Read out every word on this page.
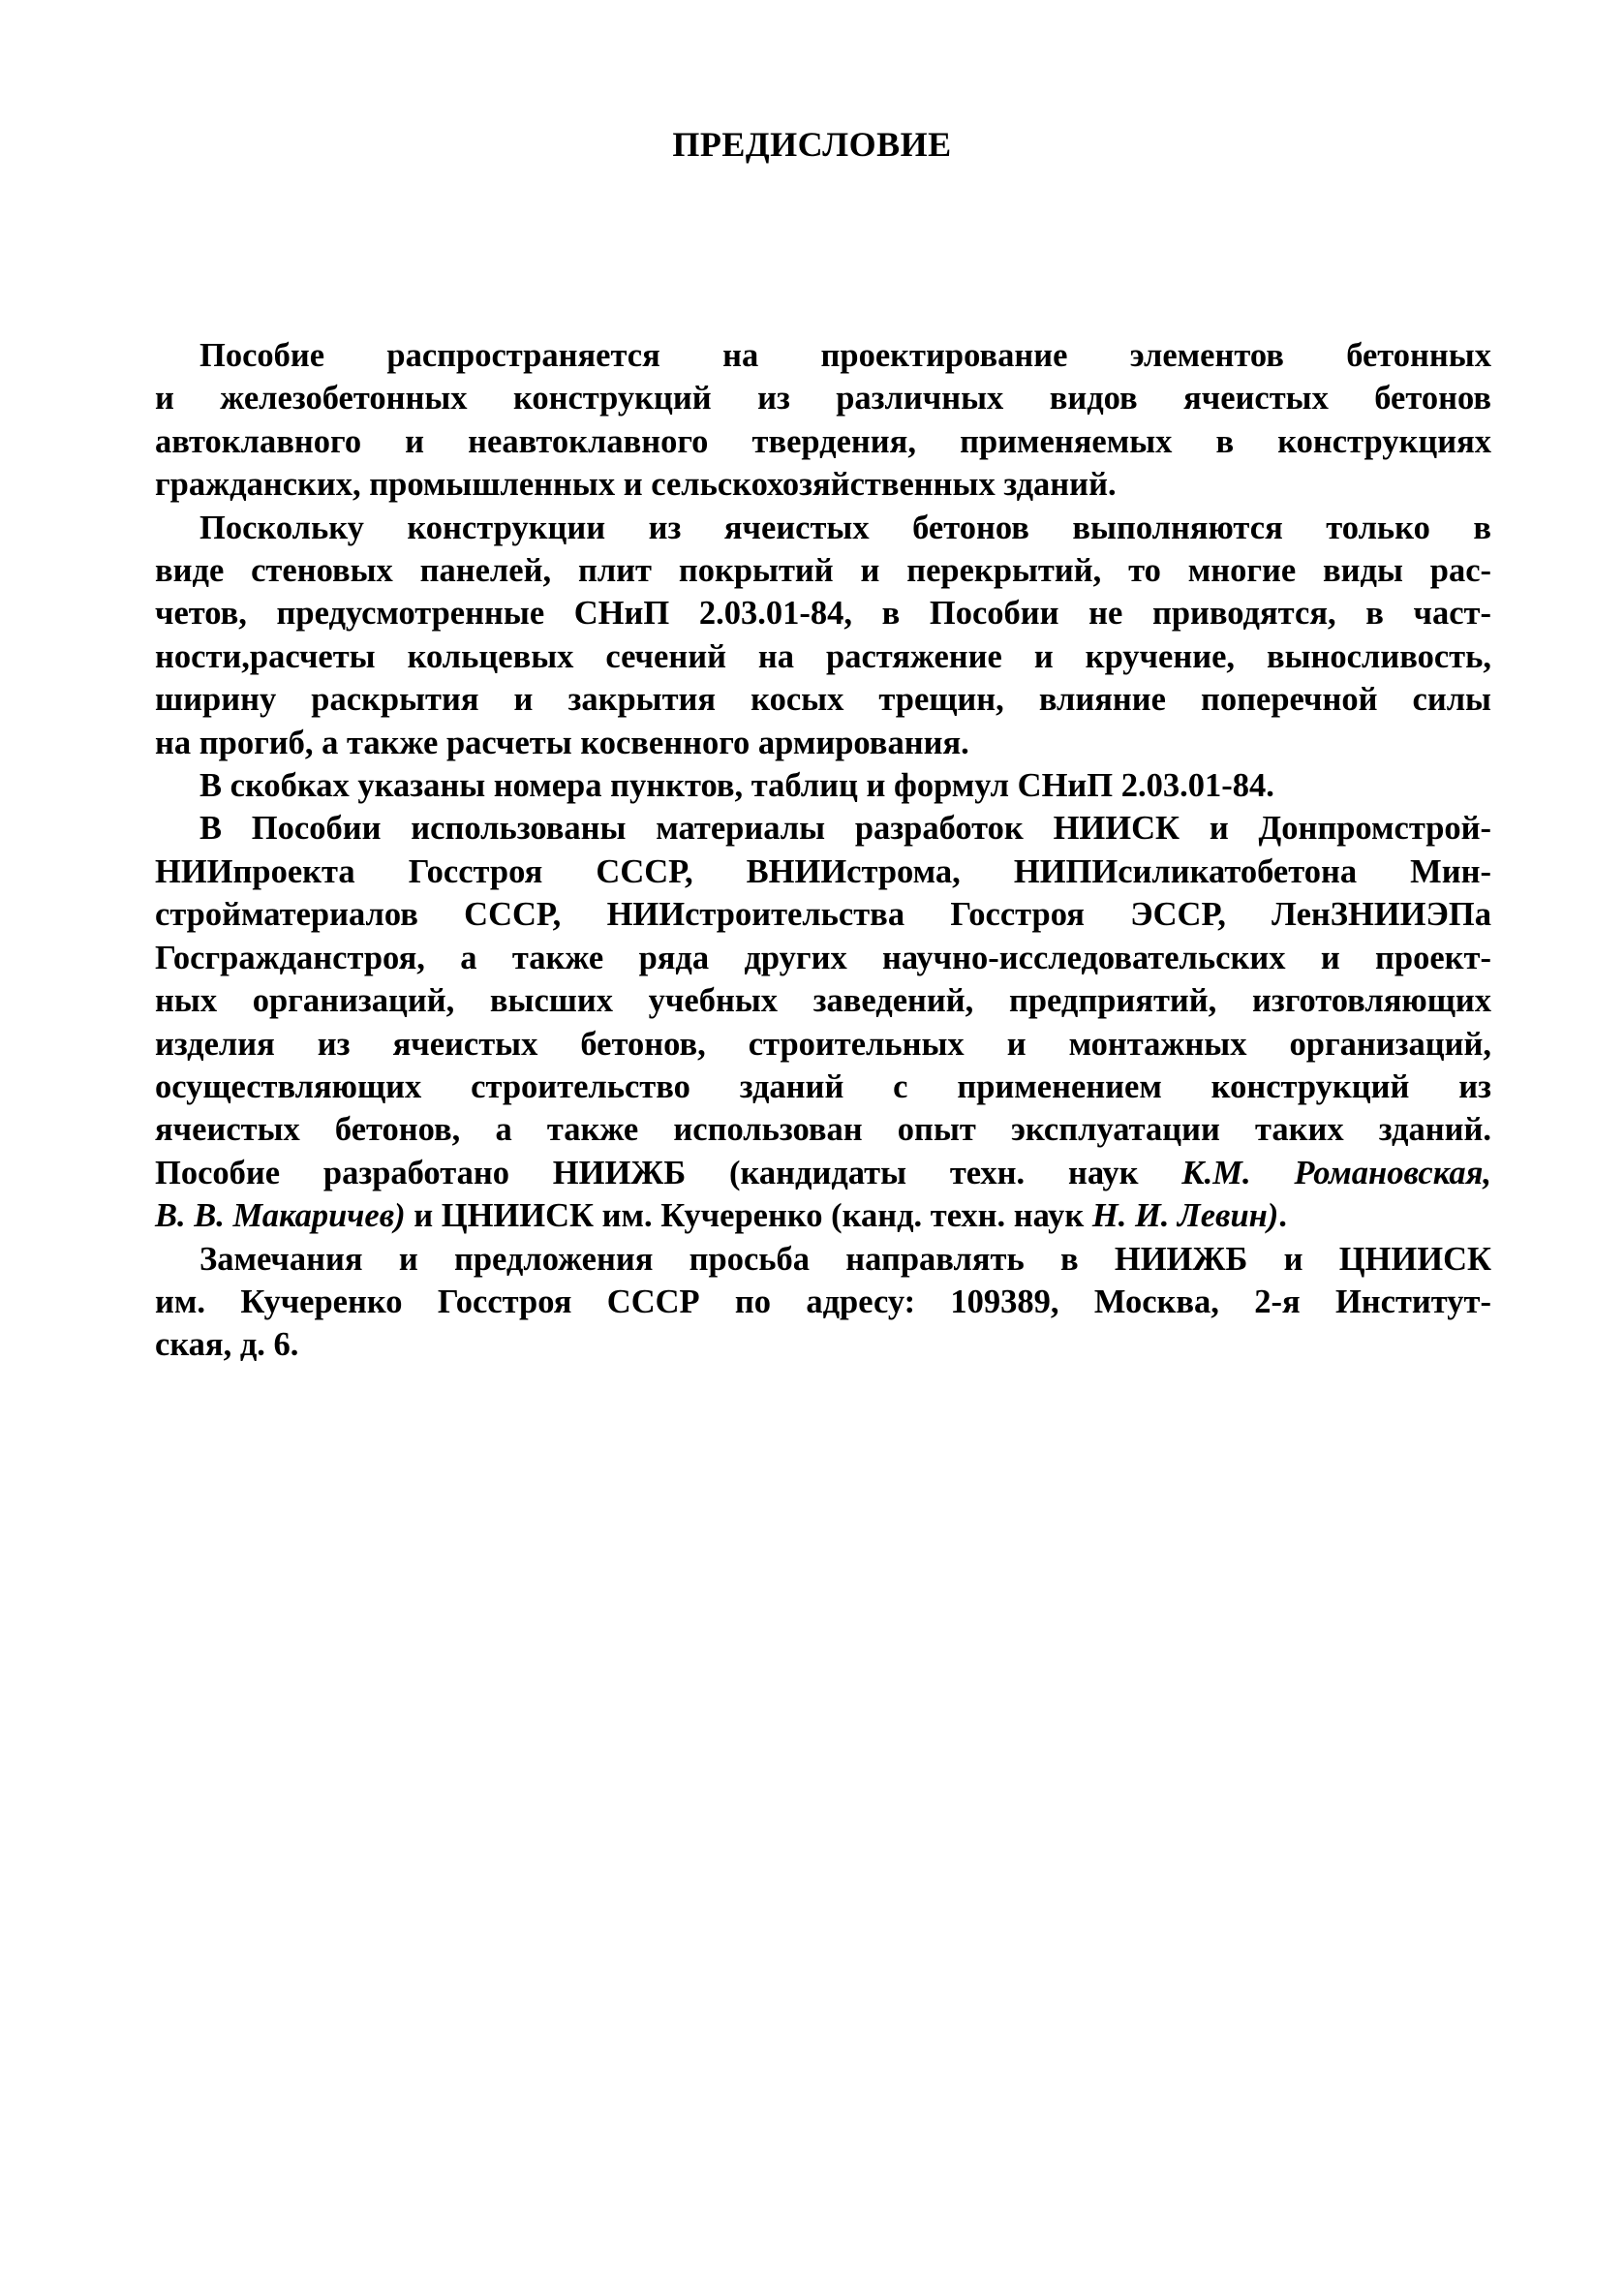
ПРЕДИСЛОВИЕ
Пособие распространяется на проектирование элементов бетонных
и железобетонных конструкций из различных видов ячеистых бетонов
автоклавного и неавтоклавного твердения, применяемых в конструкциях
гражданских, промышленных и сельскохозяйственных зданий.
Поскольку конструкции из ячеистых бетонов выполняются только в
виде стеновых панелей, плит покрытий и перекрытий, то многие виды рас-
четов, предусмотренные СНиП 2.03.01-84, в Пособии не приводятся, в част-
ности,расчеты кольцевых сечений на растяжение и кручение, выносливость,
ширину раскрытия и закрытия косых трещин, влияние поперечной силы
на прогиб, а также расчеты косвенного армирования.
В скобках указаны номера пунктов, таблиц и формул СНиП 2.03.01-84.
В Пособии использованы материалы разработок НИИСК и Донпромстрой-
НИИпроекта Госстроя СССР, ВНИИстрома, НИПИсиликатобетона Мин-
стройматериалов СССР, НИИстроительства Госстроя ЭССР, ЛенЗНИИЭПа
Госгражданстроя, а также ряда других научно-исследовательских и проект-
ных организаций, высших учебных заведений, предприятий, изготовляющих
изделия из ячеистых бетонов, строительных и монтажных организаций,
осуществляющих строительство зданий с применением конструкций из
ячеистых бетонов, а также использован опыт эксплуатации таких зданий.
Пособие разработано НИИЖБ (кандидаты техн. наук К.М. Романовская,
В. В. Макаричев) и ЦНИИСК им. Кучеренко (канд. техн. наук Н. И. Левин).
Замечания и предложения просьба направлять в НИИЖБ и ЦНИИСК
им. Кучеренко Госстроя СССР по адресу: 109389, Москва, 2-я Институт-
ская, д. 6.
